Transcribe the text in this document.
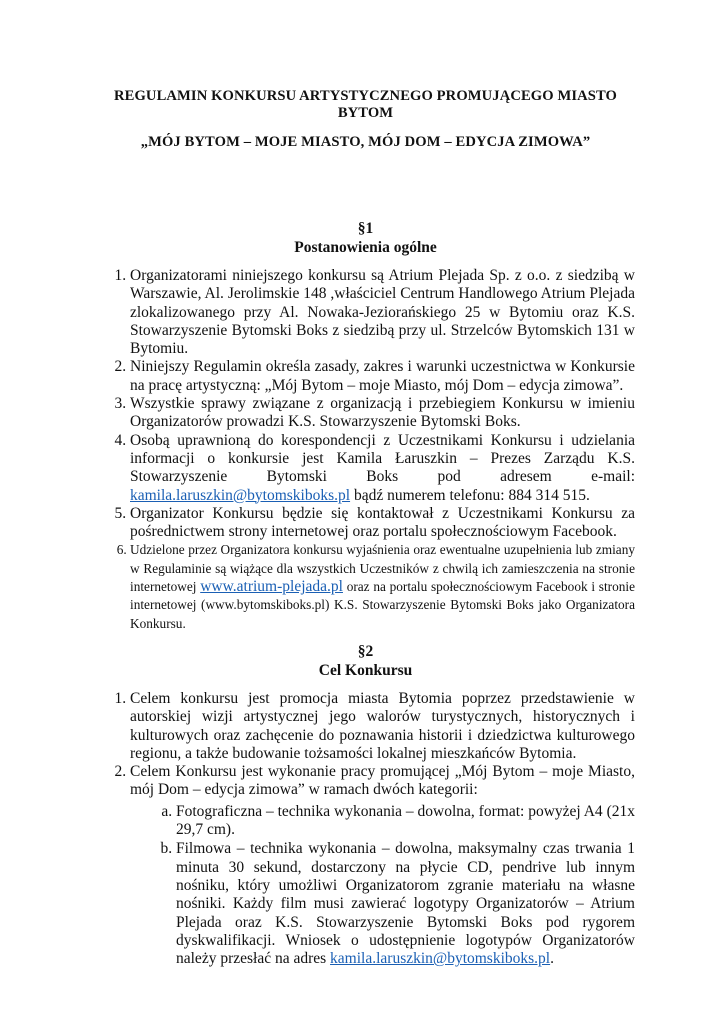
REGULAMIN KONKURSU ARTYSTYCZNEGO PROMUJĄCEGO MIASTO BYTOM
„MÓJ BYTOM – MOJE MIASTO, MÓJ DOM – EDYCJA ZIMOWA”
§1
Postanowienia ogólne
1. Organizatorami niniejszego konkursu są Atrium Plejada Sp. z o.o. z siedzibą w Warszawie, Al. Jerolimskie 148 ,właściciel Centrum Handlowego Atrium Plejada zlokalizowanego przy Al. Nowaka-Jeziorańskiego 25 w Bytomiu oraz K.S. Stowarzyszenie Bytomski Boks z siedzibą przy ul. Strzelców Bytomskich 131 w Bytomiu.
2. Niniejszy Regulamin określa zasady, zakres i warunki uczestnictwa w Konkursie na pracę artystyczną: „Mój Bytom – moje Miasto, mój Dom – edycja zimowa”.
3. Wszystkie sprawy związane z organizacją i przebiegiem Konkursu w imieniu Organizatorów prowadzi K.S. Stowarzyszenie Bytomski Boks.
4. Osobą uprawnioną do korespondencji z Uczestnikami Konkursu i udzielania informacji o konkursie jest Kamila Łaruszkin – Prezes Zarządu K.S. Stowarzyszenie Bytomski Boks pod adresem e-mail: kamila.laruszkin@bytomskiboks.pl bądź numerem telefonu: 884 314 515.
5. Organizator Konkursu będzie się kontaktował z Uczestnikami Konkursu za pośrednictwem strony internetowej oraz portalu społecznościowym Facebook.
6. Udzielone przez Organizatora konkursu wyjaśnienia oraz ewentualne uzupełnienia lub zmiany w Regulaminie są wiążące dla wszystkich Uczestników z chwilą ich zamieszczenia na stronie internetowej www.atrium-plejada.pl oraz na portalu społecznościowym Facebook i stronie internetowej (www.bytomskiboks.pl) K.S. Stowarzyszenie Bytomski Boks jako Organizatora Konkursu.
§2
Cel Konkursu
1. Celem konkursu jest promocja miasta Bytomia poprzez przedstawienie w autorskiej wizji artystycznej jego walorów turystycznych, historycznych i kulturowych oraz zachęcenie do poznawania historii i dziedzictwa kulturowego regionu, a także budowanie tożsamości lokalnej mieszkańców Bytomia.
2. Celem Konkursu jest wykonanie pracy promującej „Mój Bytom – moje Miasto, mój Dom – edycja zimowa” w ramach dwóch kategorii:
a. Fotograficzna – technika wykonania – dowolna, format: powyżej A4 (21x 29,7 cm).
b. Filmowa – technika wykonania – dowolna, maksymalny czas trwania 1 minuta 30 sekund, dostarczony na płycie CD, pendrive lub innym nośniku, który umożliwi Organizatorom zgranie materiału na własne nośniki. Każdy film musi zawierać logotypy Organizatorów – Atrium Plejada oraz K.S. Stowarzyszenie Bytomski Boks pod rygorem dyskwalifikacji. Wniosek o udostępnienie logotypów Organizatorów należy przesłać na adres kamila.laruszkin@bytomskiboks.pl.
